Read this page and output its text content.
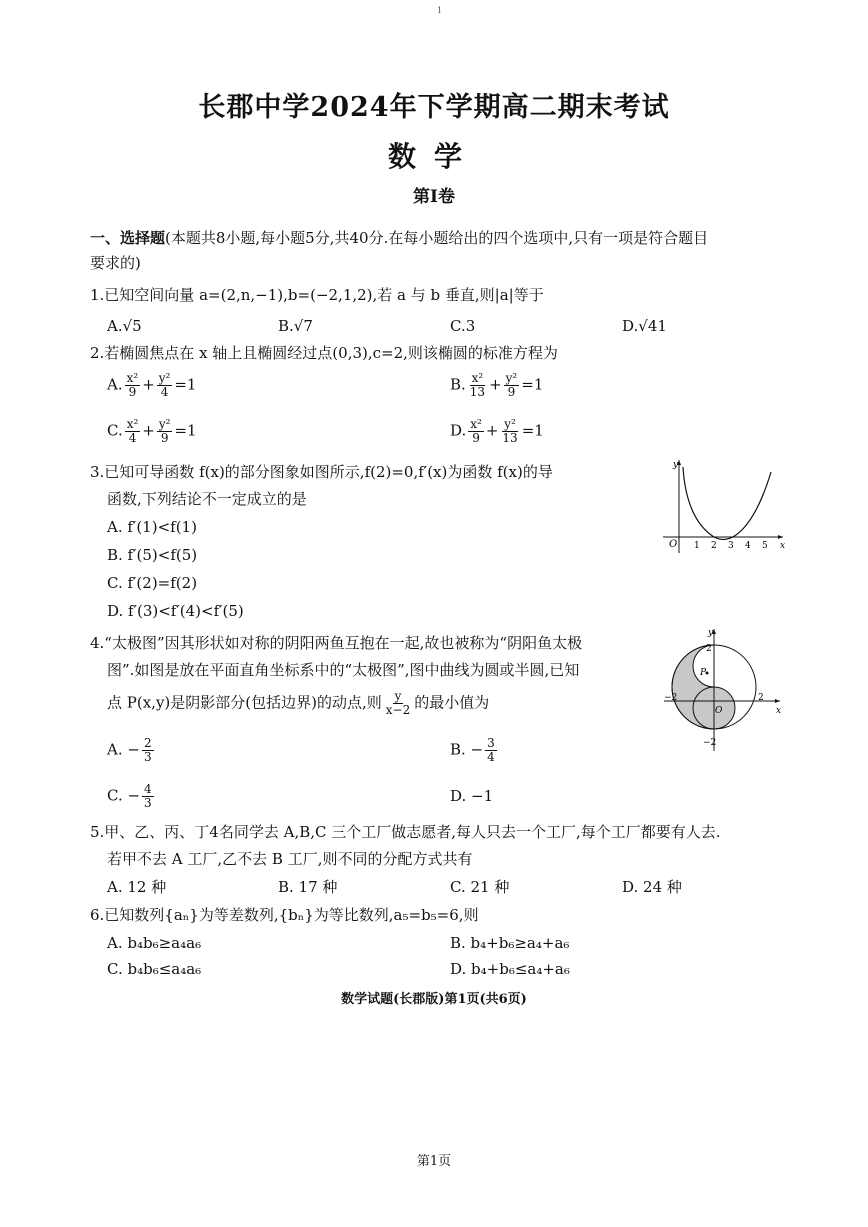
1
长郡中学2024年下学期高二期末考试
数学
第Ⅰ卷
一、选择题(本题共8小题,每小题5分,共40分.在每小题给出的四个选项中,只有一项是符合题目
要求的)
1.已知空间向量 a=(2,n,−1),b=(−2,1,2),若 a 与 b 垂直,则|a|等于
A.√5	B.√7	C.3	D.√41
2.若椭圆焦点在 x 轴上且椭圆经过点(0,3),c=2,则该椭圆的标准方程为
A. $\frac{\text{x²}}{9} + \frac{\text{y²}}{4} =1$	B. $\frac{\text{x²}}{13} + \frac{\text{y²}}{9} =1$
C. $\frac{\text{x²}}{4} + \frac{\text{y²}}{9} =1$	D. $\frac{\text{x²}}{9} + \frac{\text{y²}}{13} =1$
3.已知可导函数 f(x)的部分图象如图所示,f(2)=0,f′(x)为函数 f(x)的导
函数,下列结论不一定成立的是
A. f′(1)<f(1)
B. f′(5)<f(5)
C. f′(2)=f(2)
D. f′(3)<f′(4)<f′(5)
y
x
O 1 2 3 4 5
4.“太极图”因其形状如对称的阴阳两鱼互抱在一起,故也被称为“阴阳鱼太极
图”.如图是放在平面直角坐标系中的“太极图”,图中曲线为圆或半圆,已知
点 P(x,y)是阴影部分(包括边界)的动点,则 $\frac{y}{x-2}$ 的最小值为
A. − $\frac{2}{3}$	B. − $\frac{3}{4}$
C. − $\frac{4}{3}$	D. −1
P
y
x
O
2
−2	2
−2
5.甲、乙、丙、丁4名同学去 A,B,C 三个工厂做志愿者,每人只去一个工厂,每个工厂都要有人去.
若甲不去 A 工厂,乙不去 B 工厂,则不同的分配方式共有
A. 12 种	B. 17 种	C. 21 种	D. 24 种
6.已知数列{aₙ}为等差数列,{bₙ}为等比数列,a₅=b₅=6,则
A. b₄b₆≥a₄a₆	B. b₄+b₆≥a₄+a₆
C. b₄b₆≤a₄a₆	D. b₄+b₆≤a₄+a₆
数学试题(长郡版)第1页(共6页)
第1页
